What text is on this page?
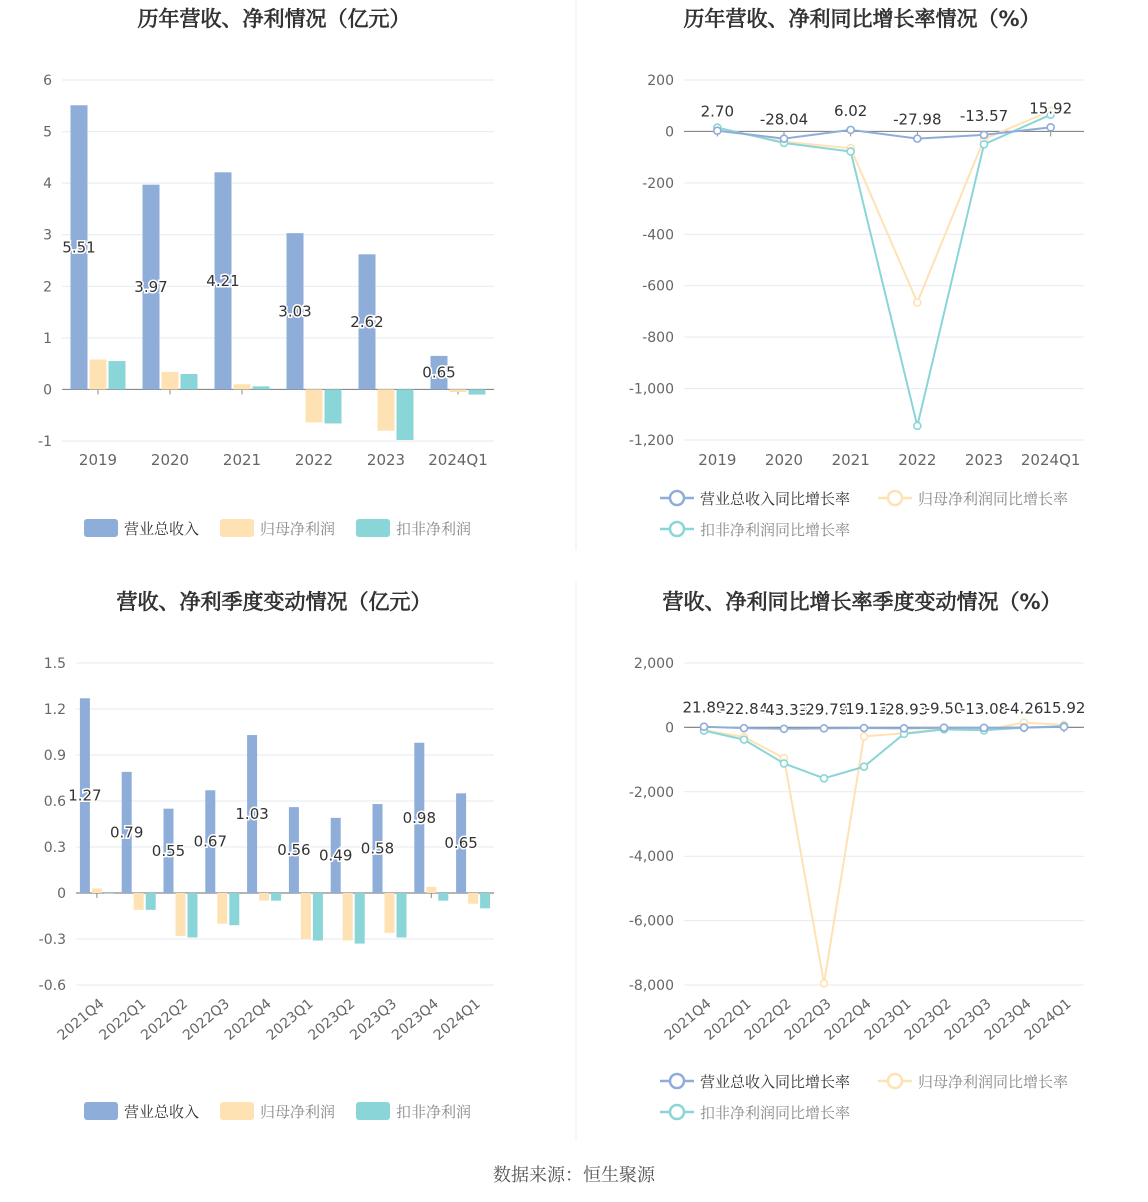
历年营收、净利情况（亿元）
6
5
4
3
2
1
0
-1
2019 2020 2021 2022 2023 2024Q1
5.51
3.97	4.21
3.03
2.62
0.65
营业总收入	归母净利润	扣非净利润
历年营收、净利同比增长率情况（%）
200
0
-200
-400
-600
-800
-1,000
-1,200
2019 2020 2021 2022 2023 2024Q1
2.70 -28.04 6.02 -27.98 -13.57 15.92
营业总收入同比增长率	归母净利润同比增长率
扣非净利润同比增长率
营收、净利季度变动情况（亿元）
1.5
1.2
0.9
0.6
0.3
0
-0.3
-0.6
2021Q4
2022Q1
2022Q2
2022Q3
2022Q4
2023Q1
2023Q2
2023Q3
2023Q4
2024Q1
1.27
0.79
0.55
0.67
1.03
0.56 0.49 0.58
0.98
0.65
营业总收入	归母净利润	扣非净利润
营收、净利同比增长率季度变动情况（%）
2,000
0
-2,000
-4,000
-6,000
-8,000
2021Q4
2022Q1
2022Q2
2022Q3
2022Q4
2023Q1
2023Q2
2023Q3
2023Q4
2024Q1
21.89
-22.84
-43.33
-29.78
-19.13
-28.93
-9.50
-13.08
-4.26 15.92
营业总收入同比增长率	归母净利润同比增长率
扣非净利润同比增长率
数据来源：恒生聚源
